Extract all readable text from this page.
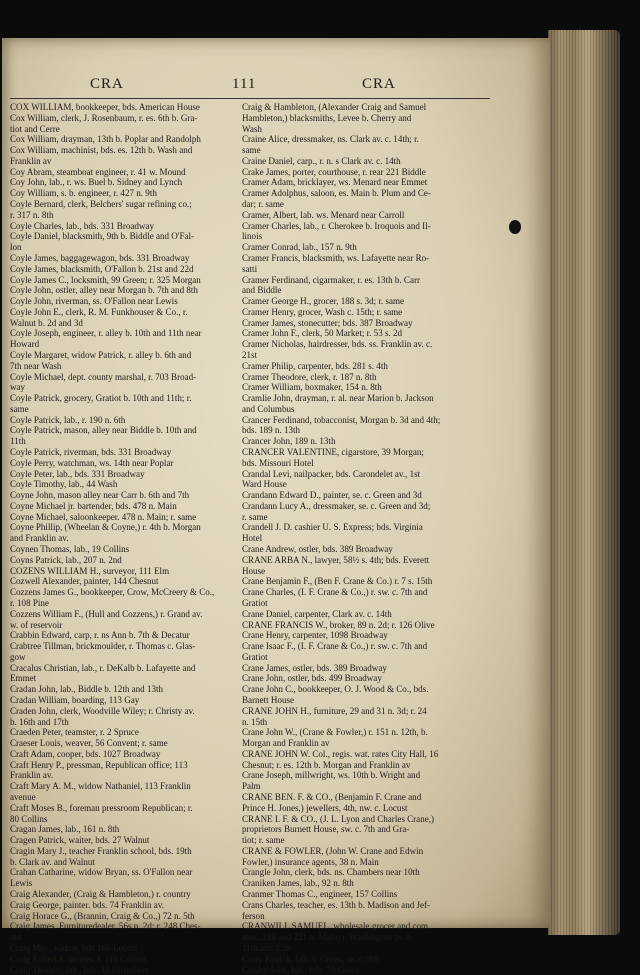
CRA	111	CRA
COX WILLIAM, bookkeeper, bds. American House
Cox William, clerk, J. Rosenbaum, r. es. 6th b. Gra-
tiot and Cerre
Cox William, drayman, 13th b. Poplar and Randolph
Cox William, machinist, bds. es. 12th b. Wash and
Franklin av
Coy Abram, steamboat engineer, r. 41 w. Mound
Coy John, lab., r. ws. Buel b. Sidney and Lynch
Coy William, s. b. engineer, r. 427 n. 9th
Coyle Bernard, clerk, Belchers' sugar refining co.;
r. 317 n. 8th
Coyle Charles, lab., bds. 331 Broadway
Coyle Daniel, blacksmith, 9th b. Biddle and O'Fal-
lon
Coyle James, baggagewagon, bds. 331 Broadway
Coyle James, blacksmith, O'Fallon b. 21st and 22d
Coyle James C., locksmith, 99 Green; r. 325 Morgan
Coyle John, ostler, alley near Morgan b. 7th and 8th
Coyle John, riverman, ss. O'Fallon near Lewis
Coyle John E., clerk, R. M. Funkhouser & Co., r.
Walnut b. 2d and 3d
Coyle Joseph, engineer, r. alley b. 10th and 11th near
Howard
Coyle Margaret, widow Patrick, r. alley b. 6th and
7th near Wash
Coyle Michael, dept. county marshal, r. 703 Broad-
way
Coyle Patrick, grocery, Gratiot b. 10th and 11th; r.
same
Coyle Patrick, lab., r. 190 n. 6th
Coyle Patrick, mason, alley near Biddle b. 10th and
11th
Coyle Patrick, riverman, bds. 331 Broadway
Coyle Perry, watchman, ws. 14th near Poplar
Coyle Peter, lab., bds. 331 Broadway
Coyle Timothy, lab., 44 Wash
Coyne John, mason alley near Carr b. 6th and 7th
Coyne Michael jr. bartender, bds. 478 n. Main
Coyne Michael, saloonkeeper. 478 n. Main; r. same
Coyne Phillip, (Wheelan & Coyne,) r. 4th b. Morgan
and Franklin av.
Coynen Thomas, lab., 19 Collins
Coyns Patrick, lab., 207 n. 2nd
COZENS WILLIAM H., surveyor, 111 Elm
Cozwell Alexander, painter, 144 Chesnut
Cozzens James G., bookkeeper, Crow, McCreery & Co.,
r. 108 Pine
Cozzens William F., (Hull and Cozzens,) r. Grand av.
w. of reservoir
Crabbin Edward, carp, r. ns Ann b. 7th & Decatur
Crabtree Tillman, brickmoulder, r. Thomas c. Glas-
gow
Cracalus Christian, lab., r. DeKalb b. Lafayette and
Emmet
Cradan John, lab., Biddle b. 12th and 13th
Cradan William, boarding, 113 Gay
Craden John, clerk, Woodville Wiley; r. Christy av.
b. 16th and 17th
Craeden Peter, teamster, r. 2 Spruce
Craeser Louis, weaver, 56 Convent; r. same
Craft Adam, cooper, bds. 1027 Broadway
Craft Henry P., pressman, Republican office; 113
Franklin av.
Craft Mary A. M., widow Nathaniel, 113 Franklin
avenue
Craft Moses B., foreman pressroom Republican; r.
80 Collins
Cragan James, lab., 161 n. 8th
Cragen Patrick, waiter, bds. 27 Walnut
Cragin Mary J., teacher Franklin school, bds. 19th
b. Clark av. and Walnut
Crahan Catharine, widow Bryan, ss. O'Fallon near
Lewis
Craig Alexander, (Craig & Hambleton,) r. country
Craig George, painter. bds. 74 Franklin av.
Craig Horace G., (Brannin, Craig & Co.,) 72 n. 5th
Craig James, Furnituredealer, 56s.n. 2d; r. 248 Ches-
nut
Craig Mrs., widow, bds 166 Locust
Craig Robert E. printer, r. 116 Collins
Craig Thomas, lab., bds. 18 Chambers
Craig & Hambleton, (Alexander Craig and Samuel
Hambleton,) blacksmiths, Levee b. Cherry and
Wash
Craine Alice, dressmaker, ns. Clark av. c. 14th; r.
same
Craine Daniel, carp., r. n. s Clark av. c. 14th
Crake James, porter, courthouse, r. rear 221 Biddle
Cramer Adam, bricklayer, ws. Menard near Emmet
Cramer Adolphus, saloon, es. Main b. Plum and Ce-
dar; r. same
Cramer, Albert, lab. ws. Menard near Carroll
Cramer Charles, lab., r. Cherokee b. Iroquois and Il-
linois
Cramer Conrad, lab., 157 n. 9th
Cramer Francis, blacksmith, ws. Lafayette near Ro-
satti
Cramer Ferdinand, cigarmaker, r. es. 13th b. Carr
and Biddle
Cramer George H., grocer, 188 s. 3d; r. same
Cramer Henry, grocer, Wash c. 15th; r. same
Cramer James, stonecutter; bds. 387 Broadway
Cramer John F., clerk, 50 Market; r. 53 s. 2d
Cramer Nicholas, hairdresser, bds. ss. Franklin av. c.
21st
Cramer Philip, carpenter, bds. 281 s. 4th
Cramer Theodore, clerk, r. 187 n. 8th
Cramer William, boxmaker, 154 n. 8th
Cramlie John, drayman, r. al. near Marion b. Jackson
and Columbus
Crancer Ferdinand, tobacconist, Morgan b. 3d and 4th;
bds. 189 n. 13th
Crancer John, 189 n. 13th
CRANCER VALENTINE, cigarstore, 39 Morgan;
bds. Missouri Hotel
Crandal Levi, nailpacker, bds. Carondelet av., 1st
Ward House
Crandann Edward D., painter, se. c. Green and 3d
Crandann Lucy A., dressmaker, se. c. Green and 3d;
r. same
Crandell J. D. cashier U. S. Express; bds. Virginia
Hotel
Crane Andrew, ostler, bds. 389 Broadway
CRANE ARBA N., lawyer, 58½ s. 4th; bds. Everett
House
Crane Benjamin F., (Ben F. Crane & Co.) r. 7 s. 15th
Crane Charles, (I. F. Crane & Co.,) r. sw. c. 7th and
Gratiot
Crane Daniel, carpenter, Clark av. c. 14th
CRANE FRANCIS W., broker, 89 n. 2d; r. 126 Olive
Crane Henry, carpenter, 1098 Broadway
Crane Isaac F., (I. F. Crane & Co.,) r. sw. c. 7th and
Gratiot
Crane James, ostler, bds. 389 Broadway
Crane John, ostler, bds. 499 Broadway
Crane John C., bookkeeper, O. J. Wood & Co., bds.
Barnett House
CRANE JOHN H., furniture, 29 and 31 n. 3d; r. 24
n. 15th
Crane John W., (Crane & Fowler,) r. 151 n. 12th, b.
Morgan and Franklin av
CRANE JOHN W. Col., regis. wat. rates City Hall, 16
Chesnut; r. es. 12th b. Morgan and Franklin av
Crane Joseph, millwright, ws. 10th b. Wright and
Palm
CRANE BEN. F. & CO., (Benjamin F. Crane and
Prince H. Jones,) jewellers, 4th, nw. c. Locust
CRANE I. F. & CO., (J. L. Lyon and Charles Crane,)
proprietors Burnett House, sw. c. 7th and Gra-
tiot; r. same
CRANE & FOWLER, (John W. Crane and Edwin
Fowler,) insurance agents, 38 n. Main
Crangle John, clerk, bds. ns. Chambers near 10th
Craniken James, lab., 92 n. 8th
Cranmer Thomas C., engineer, 157 Collins
Crans Charles, teacher, es. 13th b. Madison and Jef-
ferson
CRANWILL SAMUEL, wholesale grocer and com.
mer., 219 and 221 n. Main; r. Washington av. b.
11th and 12th
Crary Patrick, lab., r. Green, se. c. 9th
Crasby John, lab., bds. 79 Green
